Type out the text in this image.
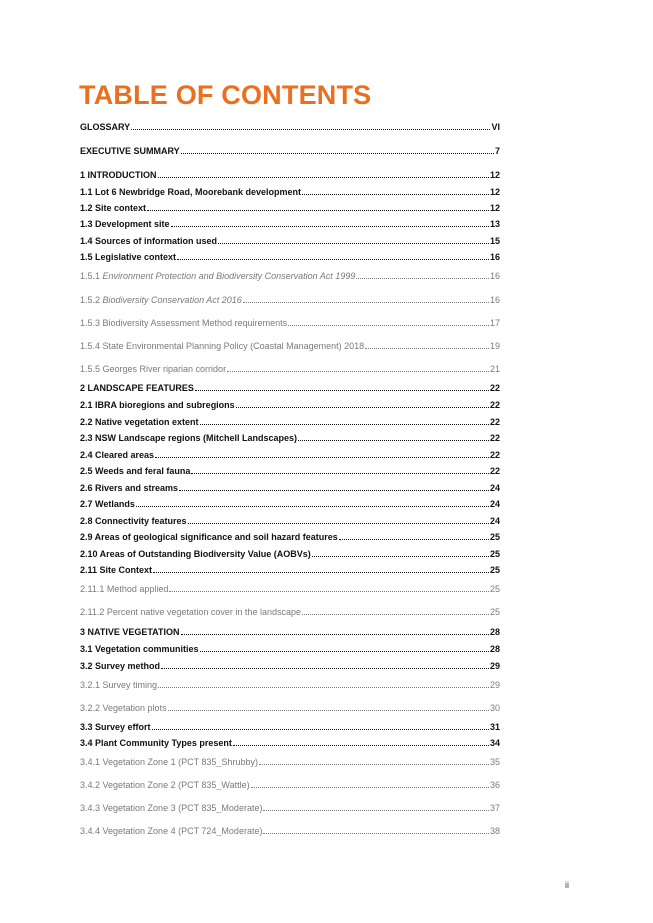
TABLE OF CONTENTS
GLOSSARY	VI
EXECUTIVE SUMMARY	7
1 INTRODUCTION	12
1.1 Lot 6 Newbridge Road, Moorebank development	12
1.2 Site context	12
1.3 Development site	13
1.4 Sources of information used	15
1.5 Legislative context	16
1.5.1 Environment Protection and Biodiversity Conservation Act 1999	16
1.5.2 Biodiversity Conservation Act 2016	16
1.5.3 Biodiversity Assessment Method requirements	17
1.5.4 State Environmental Planning Policy (Coastal Management) 2018	19
1.5.5 Georges River riparian corridor	21
2 LANDSCAPE FEATURES	22
2.1 IBRA bioregions and subregions	22
2.2 Native vegetation extent	22
2.3 NSW Landscape regions (Mitchell Landscapes)	22
2.4 Cleared areas	22
2.5 Weeds and feral fauna	22
2.6 Rivers and streams	24
2.7 Wetlands	24
2.8 Connectivity features	24
2.9 Areas of geological significance and soil hazard features	25
2.10 Areas of Outstanding Biodiversity Value (AOBVs)	25
2.11 Site Context	25
2.11.1 Method applied	25
2.11.2 Percent native vegetation cover in the landscape	25
3 NATIVE VEGETATION	28
3.1 Vegetation communities	28
3.2 Survey method	29
3.2.1 Survey timing	29
3.2.2 Vegetation plots	30
3.3 Survey effort	31
3.4 Plant Community Types present	34
3.4.1 Vegetation Zone 1 (PCT 835_Shrubby)	35
3.4.2 Vegetation Zone 2 (PCT 835_Wattle)	36
3.4.3 Vegetation Zone 3 (PCT 835_Moderate)	37
3.4.4 Vegetation Zone 4 (PCT 724_Moderate)	38
ii
